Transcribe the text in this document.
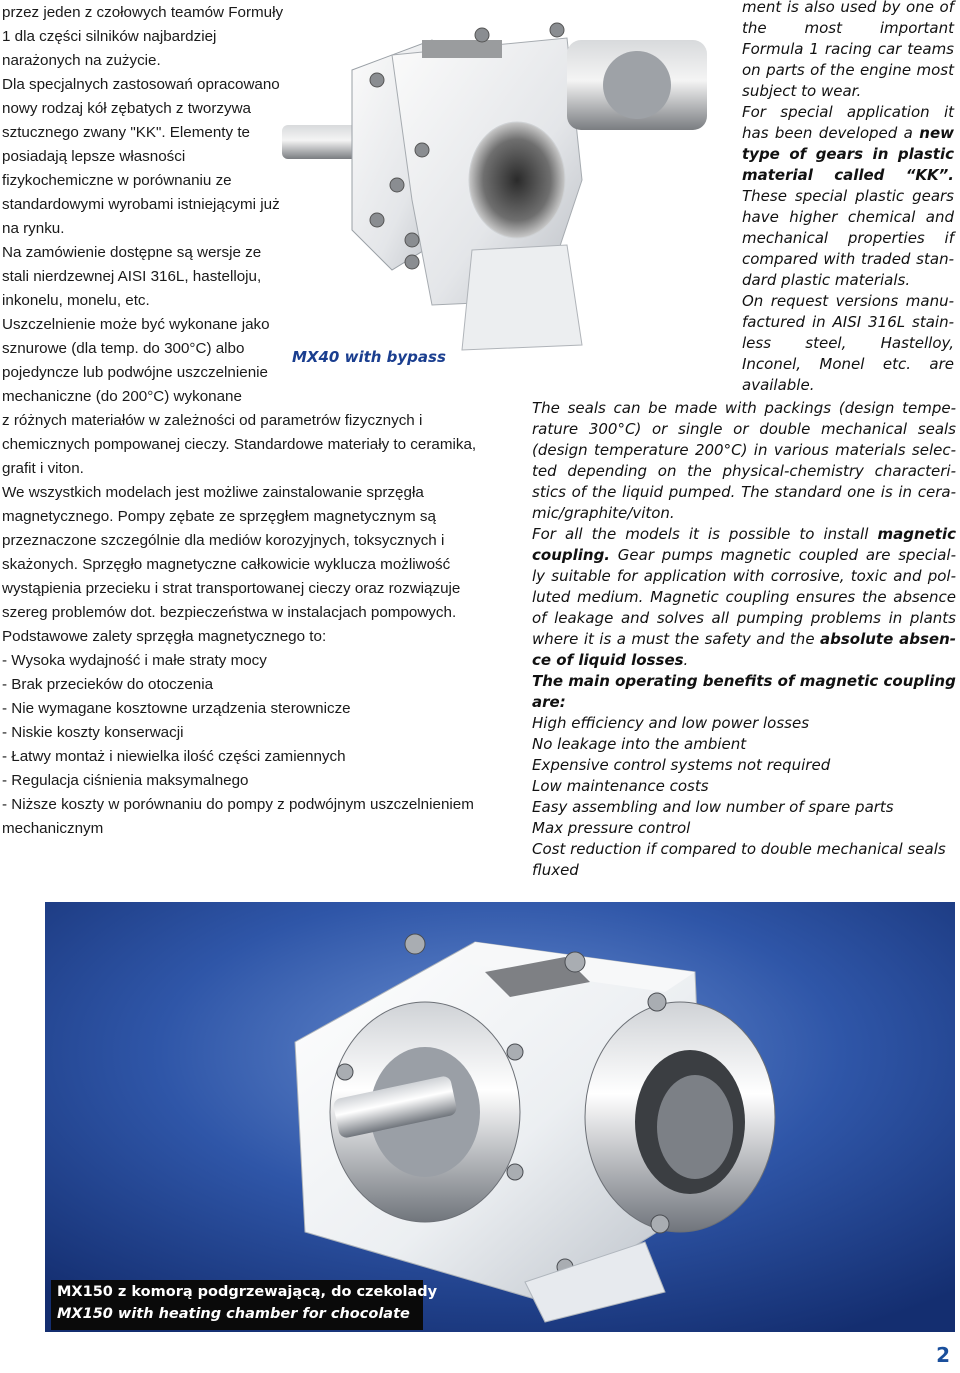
MX40 with bypass
przez jeden z czołowych teamów Formuły
1 dla części silników najbardziej
narażonych na zużycie.
Dla specjalnych zastosowań opracowano
nowy rodzaj kół zębatych z tworzywa
sztucznego zwany "KK". Elementy te
posiadają lepsze własności
fizykochemiczne w porównaniu ze
standardowymi wyrobami istniejącymi już
na rynku.
Na zamówienie dostępne są wersje ze
stali nierdzewnej AISI 316L, hastelloju,
inkonelu, monelu, etc.
Uszczelnienie może być wykonane jako
sznurowe (dla temp. do 300°C) albo
pojedyncze lub podwójne uszczelnienie
mechaniczne (do 200°C) wykonane
z różnych materiałów w zależności od parametrów fizycznych i
chemicznych pompowanej cieczy. Standardowe materiały to ceramika,
grafit i viton.
We wszystkich modelach jest możliwe zainstalowanie sprzęgła
magnetycznego. Pompy zębate ze sprzęgłem magnetycznym są
przeznaczone szczególnie dla mediów korozyjnych, toksycznych i
skażonych. Sprzęgło magnetyczne całkowicie wyklucza możliwość
wystąpienia przecieku i strat transportowanej cieczy oraz rozwiązuje
szereg problemów dot. bezpieczeństwa w instalacjach pompowych.
Podstawowe zalety sprzęgła magnetycznego to:
- Wysoka wydajność i małe straty mocy
- Brak przecieków do otoczenia
- Nie wymagane kosztowne urządzenia sterownicze
- Niskie koszty konserwacji
- Łatwy montaż i niewielka ilość części zamiennych
- Regulacja ciśnienia maksymalnego
- Niższe koszty w porównaniu do pompy z podwójnym uszczelnieniem
mechanicznym
ment is also used by one of
the most important
Formula 1 racing car teams
on parts of the engine most
subject to wear.
For special application it
has been developed a new
type of gears in plastic
material called “KK”.
These special plastic gears
have higher chemical and
mechanical properties if
compared with traded stan-
dard plastic materials.
On request versions manu-
factured in AISI 316L stain-
less steel, Hastelloy,
Inconel, Monel etc. are
available.
The seals can be made with packings (design tempe-
rature 300°C) or single or double mechanical seals
(design temperature 200°C) in various materials selec-
ted depending on the physical-chemistry characteri-
stics of the liquid pumped. The standard one is in cera-
mic/graphite/viton.
For all the models it is possible to install magnetic
coupling. Gear pumps magnetic coupled are special-
ly suitable for application with corrosive, toxic and pol-
luted medium. Magnetic coupling ensures the absence
of leakage and solves all pumping problems in plants
where it is a must the safety and the absolute absen-
ce of liquid losses.
The main operating benefits of magnetic coupling
are:
High efficiency and low power losses
No leakage into the ambient
Expensive control systems not required
Low maintenance costs
Easy assembling and low number of spare parts
Max pressure control
Cost reduction if compared to double mechanical seals
fluxed
MX150 z komorą podgrzewającą, do czekolady
MX150 with heating chamber for chocolate
2
